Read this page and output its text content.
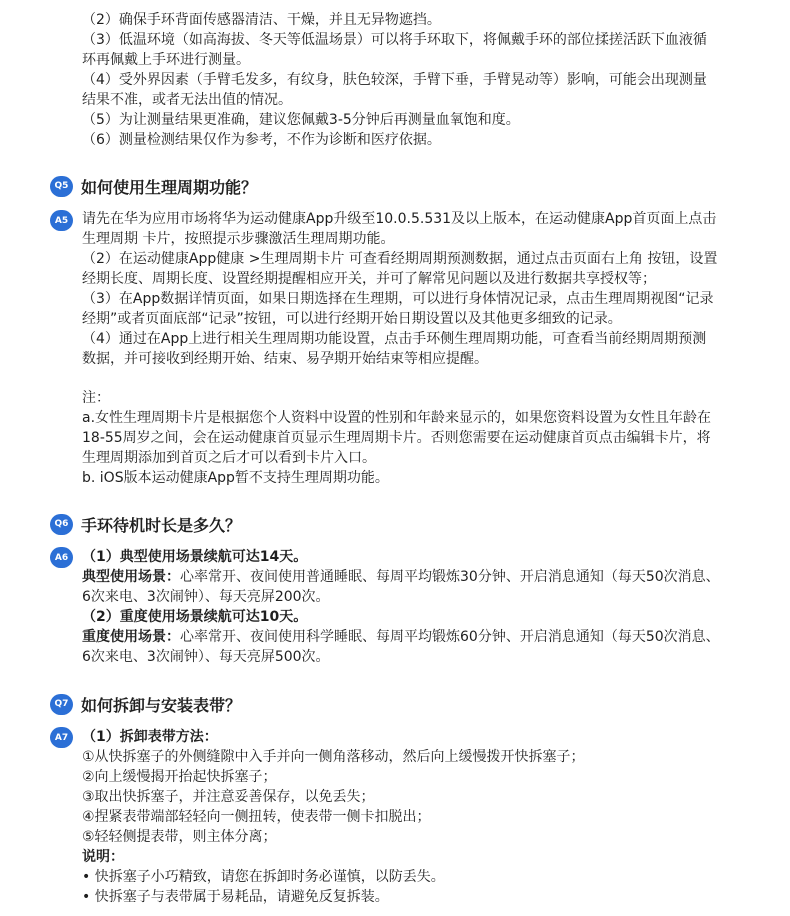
（2）确保手环背面传感器清洁、干燥，并且无异物遮挡。
（3）低温环境（如高海拔、冬天等低温场景）可以将手环取下，将佩戴手环的部位揉搓活跃下血液循
环再佩戴上手环进行测量。
（4）受外界因素（手臂毛发多，有纹身，肤色较深，手臂下垂，手臂晃动等）影响，可能会出现测量
结果不准，或者无法出值的情况。
（5）为让测量结果更准确，建议您佩戴3-5分钟后再测量血氧饱和度。
（6）测量检测结果仅作为参考，不作为诊断和医疗依据。
Q5 如何使用生理周期功能？
A5 请先在华为应用市场将华为运动健康App升级至10.0.5.531及以上版本，在运动健康App首页面上点击
生理周期 卡片，按照提示步骤激活生理周期功能。
（2）在运动健康App健康 >生理周期卡片 可查看经期周期预测数据，通过点击页面右上角 按钮，设置
经期长度、周期长度、设置经期提醒相应开关，并可了解常见问题以及进行数据共享授权等；
（3）在App数据详情页面，如果日期选择在生理期，可以进行身体情况记录，点击生理周期视图“记录
经期”或者页面底部“记录”按钮，可以进行经期开始日期设置以及其他更多细致的记录。
（4）通过在App上进行相关生理周期功能设置，点击手环侧生理周期功能，可查看当前经期周期预测
数据，并可接收到经期开始、结束、易孕期开始结束等相应提醒。
注：
a.女性生理周期卡片是根据您个人资料中设置的性别和年龄来显示的，如果您资料设置为女性且年龄在
18-55周岁之间，会在运动健康首页显示生理周期卡片。否则您需要在运动健康首页点击编辑卡片，将
生理周期添加到首页之后才可以看到卡片入口。
b. iOS版本运动健康App暂不支持生理周期功能。
Q6 手环待机时长是多久？
A6 （1）典型使用场景续航可达14天。
典型使用场景：心率常开、夜间使用普通睡眠、每周平均锻炼30分钟、开启消息通知（每天50次消息、
6次来电、3次闹钟）、每天亮屏200次。
（2）重度使用场景续航可达10天。
重度使用场景：心率常开、夜间使用科学睡眠、每周平均锻炼60分钟、开启消息通知（每天50次消息、
6次来电、3次闹钟）、每天亮屏500次。
Q7 如何拆卸与安装表带？
A7 （1）拆卸表带方法：
①从快拆塞子的外侧缝隙中入手并向一侧角落移动，然后向上缓慢拨开快拆塞子；
②向上缓慢揭开抬起快拆塞子；
③取出快拆塞子，并注意妥善保存，以免丢失；
④捏紧表带端部轻轻向一侧扭转，使表带一侧卡扣脱出；
⑤轻轻侧提表带，则主体分离；
说明：
• 快拆塞子小巧精致，请您在拆卸时务必谨慎，以防丢失。
• 快拆塞子与表带属于易耗品，请避免反复拆装。
